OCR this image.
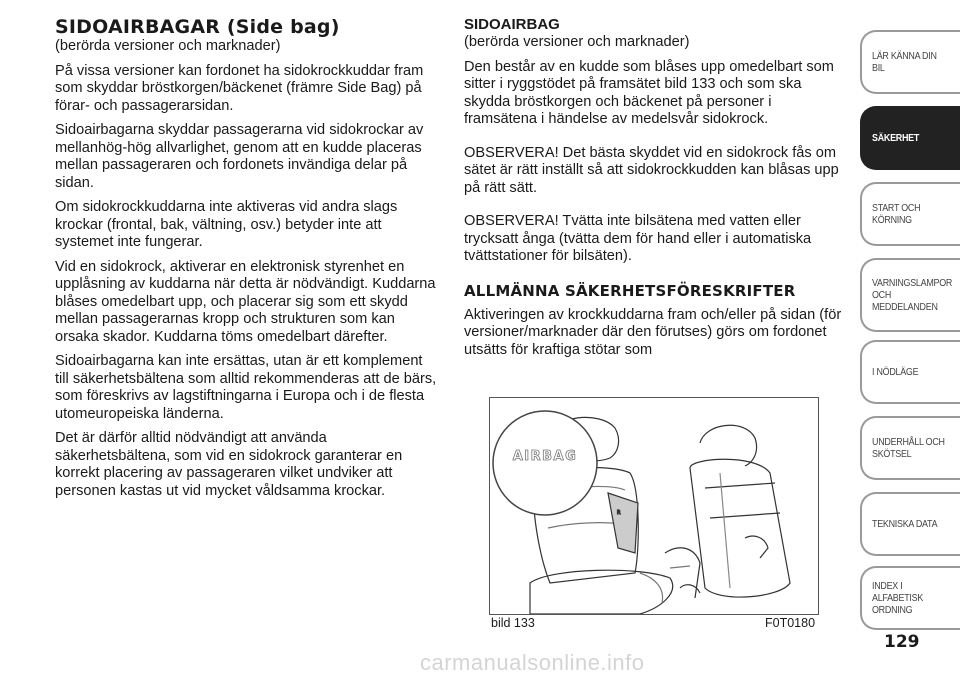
SIDOAIRBAGAR (Side bag)
(berörda versioner och marknader)

På vissa versioner kan fordonet ha sidokrockkuddar fram som skyddar bröstkorgen/bäckenet (främre Side Bag) på förar- och passagerarsidan.

Sidoairbagarna skyddar passagerarna vid sidokrockar av mellanhög-hög allvarlighet, genom att en kudde placeras mellan passageraren och fordonets invändiga delar på sidan.

Om sidokrockkuddarna inte aktiveras vid andra slags krockar (frontal, bak, vältning, osv.) betyder inte att systemet inte fungerar.

Vid en sidokrock, aktiverar en elektronisk styrenhet en upplåsning av kuddarna när detta är nödvändigt. Kuddarna blåses omedelbart upp, och placerar sig som ett skydd mellan passagerarnas kropp och strukturen som kan orsaka skador. Kuddarna töms omedelbart därefter.

Sidoairbagarna kan inte ersättas, utan är ett komplement till säkerhetsbältena som alltid rekommenderas att de bärs, som föreskrivs av lagstiftningarna i Europa och i de flesta utomeuropeiska länderna.

Det är därför alltid nödvändigt att använda säkerhetsbältena, som vid en sidokrock garanterar en korrekt placering av passageraren vilket undviker att personen kastas ut vid mycket våldsamma krockar.

SIDOAIRBAG
(berörda versioner och marknader)

Den består av en kudde som blåses upp omedelbart som sitter i ryggstödet på framsätet bild 133 och som ska skydda bröstkorgen och bäckenet på personer i framsätena i händelse av medelsvår sidokrock.

OBSERVERA! Det bästa skyddet vid en sidokrock fås om sätet är rätt inställt så att sidokrockkudden kan blåsas upp på rätt sätt.

OBSERVERA! Tvätta inte bilsätena med vatten eller trycksatt ånga (tvätta dem för hand eller i automatiska tvättstationer för bilsäten).

ALLMÄNNA SÄKERHETSFÖRESKRIFTER

Aktiveringen av krockkuddarna fram och/eller på sidan (för versioner/marknader där den förutses) görs om fordonet utsätts för kraftiga stötar som

R
AIRBAG
bild 133	F0T0180
LÄR KÄNNA DIN BIL
SÄKERHET
START OCH
KÖRNING
VARNINGSLAMPOR
OCH
MEDDELANDEN
I NÖDLÄGE
UNDERHÅLL OCH
SKÖTSEL
TEKNISKA DATA
INDEX I ALFABETISK
ORDNING
129
carmanualsonline.info
